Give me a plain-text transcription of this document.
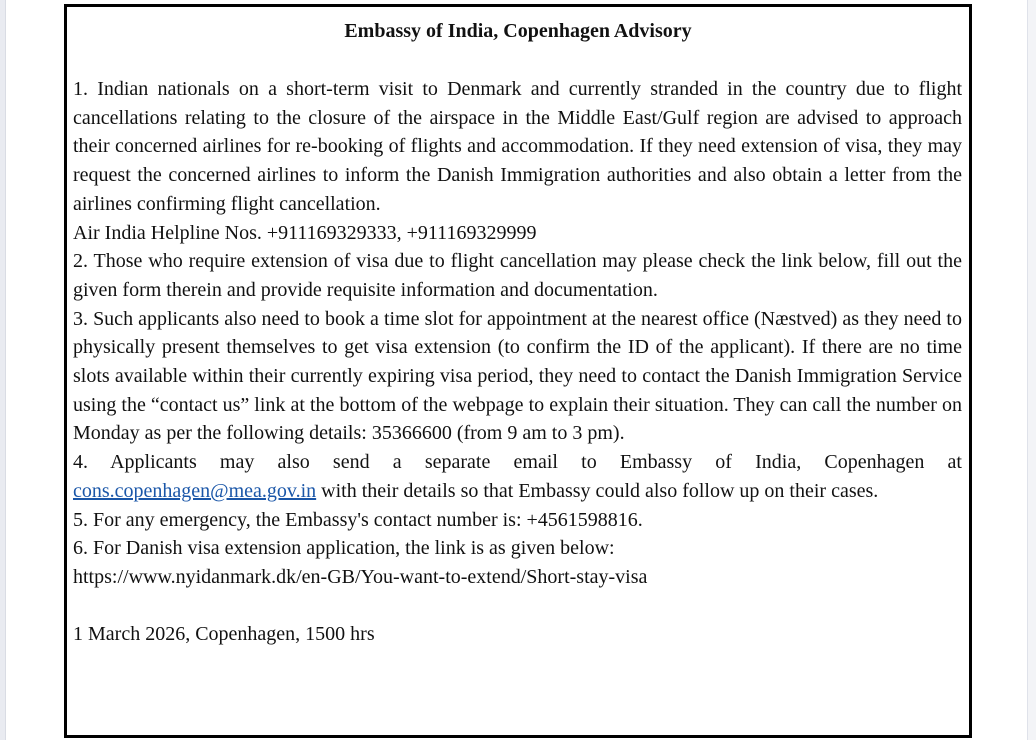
Embassy of India, Copenhagen Advisory

1. Indian nationals on a short-term visit to Denmark and currently stranded in the country due to flight cancellations relating to the closure of the airspace in the Middle East/Gulf region are advised to approach their concerned airlines for re-booking of flights and accommodation. If they need extension of visa, they may request the concerned airlines to inform the Danish Immigration authorities and also obtain a letter from the airlines confirming flight cancellation.

Air India Helpline Nos. +911169329333, +911169329999

2. Those who require extension of visa due to flight cancellation may please check the link below, fill out the given form therein and provide requisite information and documentation.

3. Such applicants also need to book a time slot for appointment at the nearest office (Næstved) as they need to physically present themselves to get visa extension (to confirm the ID of the applicant). If there are no time slots available within their currently expiring visa period, they need to contact the Danish Immigration Service using the “contact us” link at the bottom of the webpage to explain their situation. They can call the number on Monday as per the following details: 35366600 (from 9 am to 3 pm).

4. Applicants may also send a separate email to Embassy of India, Copenhagen at cons.copenhagen@mea.gov.in with their details so that Embassy could also follow up on their cases.

5. For any emergency, the Embassy's contact number is: +4561598816.

6. For Danish visa extension application, the link is as given below:

https://www.nyidanmark.dk/en-GB/You-want-to-extend/Short-stay-visa

1 March 2026, Copenhagen, 1500 hrs
